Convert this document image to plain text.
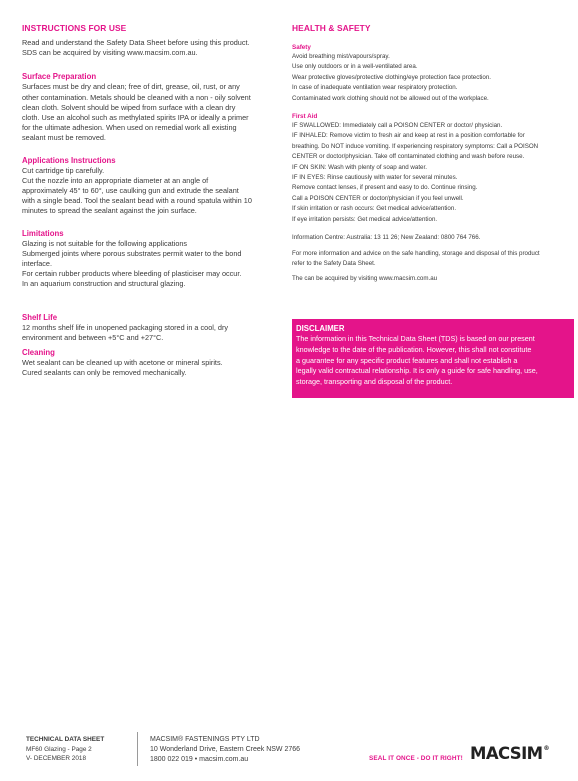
INSTRUCTIONS FOR USE
Read and understand the Safety Data Sheet before using this product.
SDS can be acquired by visiting www.macsim.com.au.
Surface Preparation
Surfaces must be dry and clean; free of dirt, grease, oil, rust, or any
other contamination. Metals should be cleaned with a non - oily solvent
clean cloth. Solvent should be wiped from surface with a clean dry
cloth. Use an alcohol such as methylated spirits IPA or ideally a primer
for the ultimate adhesion. When used on remedial work all existing
sealant must be removed.
Applications Instructions
Cut cartridge tip carefully.
Cut the nozzle into an appropriate diameter at an angle of
approximately 45° to 60°, use caulking gun and extrude the sealant
with a single bead. Tool the sealant bead with a round spatula within 10
minutes to spread the sealant against the join surface.
Limitations
Glazing is not suitable for the following applications
Submerged joints where porous substrates permit water to the bond
interface.
For certain rubber products where bleeding of plasticiser may occur.
In an aquarium construction and structural glazing.
Shelf Life
12 months shelf life in unopened packaging stored in a cool, dry
environment and between +5°C and +27°C.
Cleaning
Wet sealant can be cleaned up with acetone or mineral spirits.
Cured sealants can only be removed mechanically.
HEALTH & SAFETY
Safety
Avoid breathing mist/vapours/spray.
Use only outdoors or in a well-ventilated area.
Wear protective gloves/protective clothing/eye protection face protection.
In case of inadequate ventilation wear respiratory protection.
Contaminated work clothing should not be allowed out of the workplace.
First Aid
IF SWALLOWED: Immediately call a POISON CENTER or doctor/ physician.
IF INHALED: Remove victim to fresh air and keep at rest in a position comfortable for
breathing. Do NOT induce vomiting. If experiencing respiratory symptoms: Call a POISON
CENTER or doctor/physician. Take off contaminated clothing and wash before reuse.
IF ON SKIN: Wash with plenty of soap and water.
IF IN EYES: Rinse cautiously with water for several minutes.
Remove contact lenses, if present and easy to do. Continue rinsing.
Call a POISON CENTER or doctor/physician if you feel unwell.
If skin irritation or rash occurs: Get medical advice/attention.
If eye irritation persists: Get medical advice/attention.
Information Centre: Australia: 13 11 26; New Zealand: 0800 764 766.
For more information and advice on the safe handling, storage and disposal of this product
refer to the Safety Data Sheet.
The can be acquired by visiting www.macsim.com.au
DISCLAIMER
The information in this Technical Data Sheet (TDS) is based on our present
knowledge to the date of the publication. However, this shall not constitute
a guarantee for any specific product features and shall not establish a
legally valid contractual relationship. It is only a guide for safe handling, use,
storage, transporting and disposal of the product.
TECHNICAL DATA SHEET
MF60 Glazing - Page 2
V- DECEMBER 2018
MACSIM® FASTENINGS PTY LTD
10 Wonderland Drive, Eastern Creek NSW 2766
1800 022 019 • macsim.com.au	SEAL IT ONCE - DO IT RIGHT! MACSIM®
